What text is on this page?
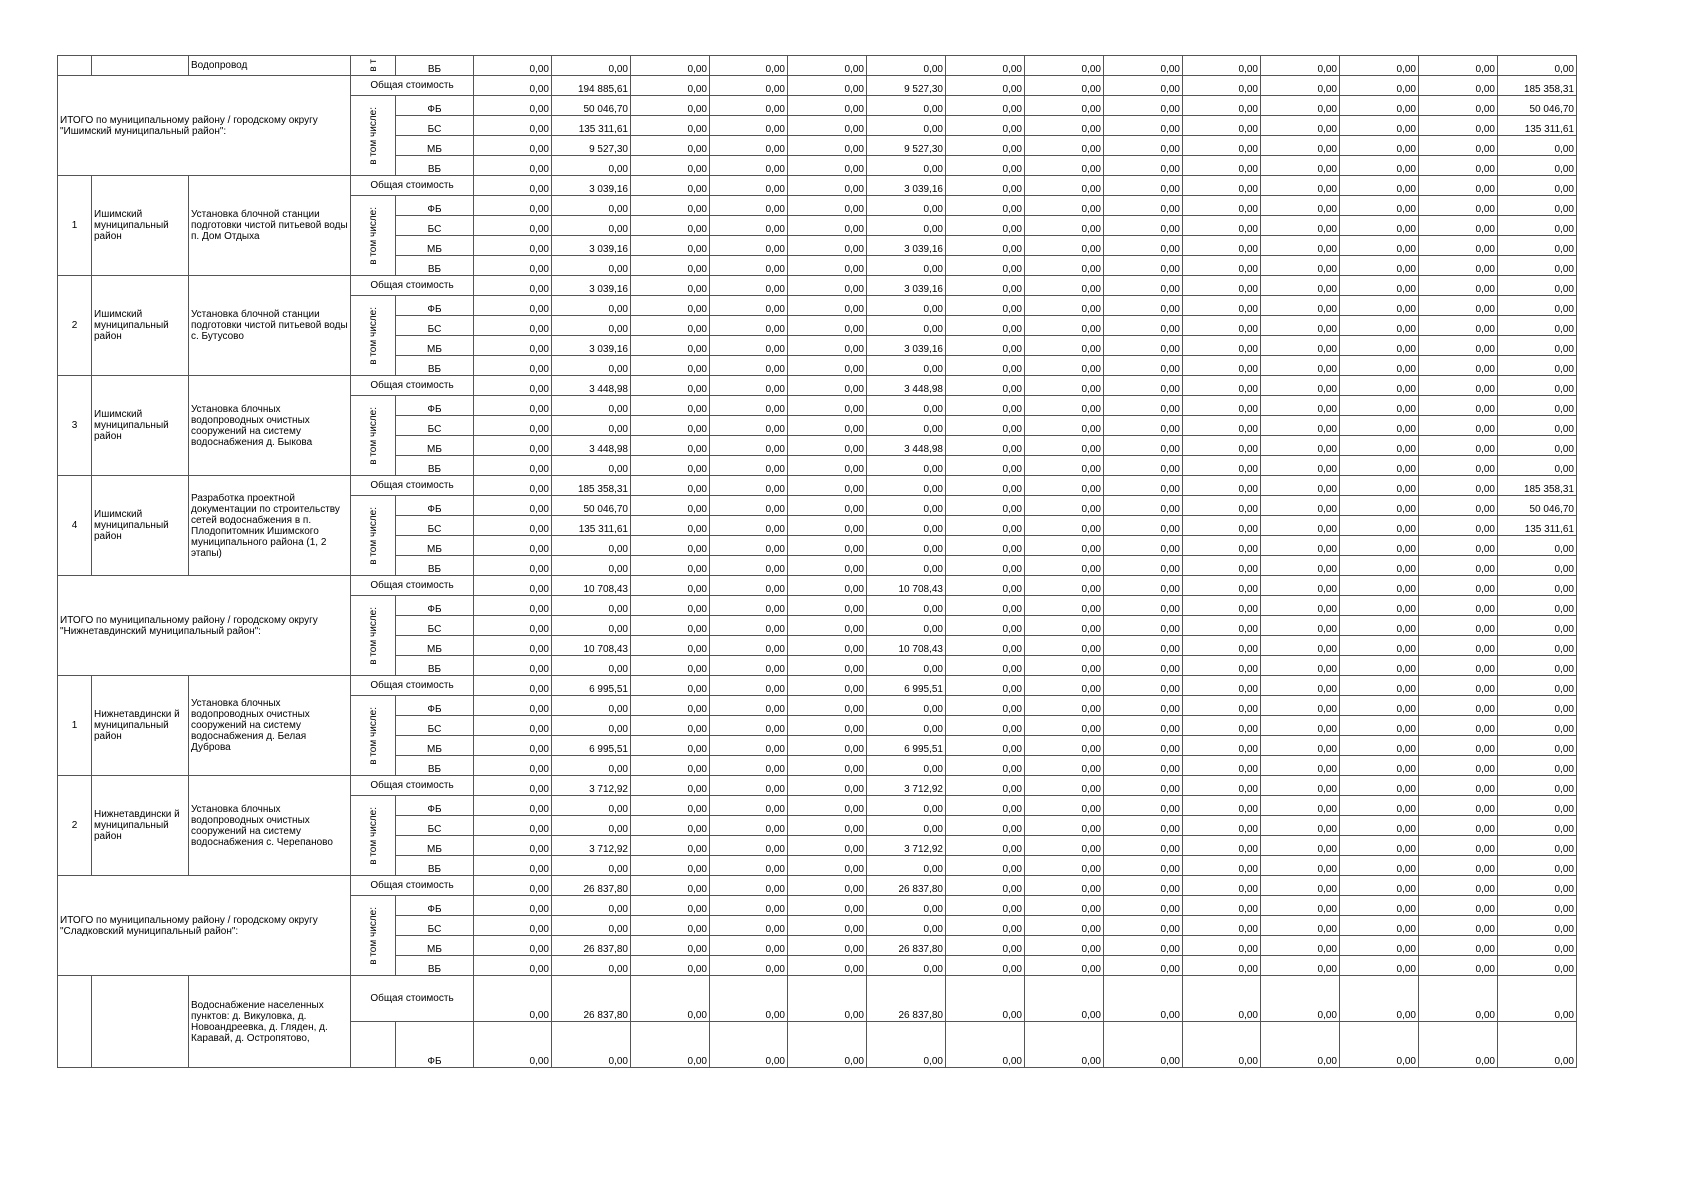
		Водопровод	в т	ВБ	0,00	0,00	0,00	0,00	0,00	0,00	0,00	0,00	0,00	0,00	0,00	0,00	0,00	0,00
ИТОГО по муниципальному району / городскому округу "Ишимский муниципальный район":			Общая стоимость		0,00	194 885,61	0,00	0,00	0,00	9 527,30	0,00	0,00	0,00	0,00	0,00	0,00	0,00	185 358,31

			в том числе:	ФБ	0,00	50 046,70	0,00	0,00	0,00	0,00	0,00	0,00	0,00	0,00	0,00	0,00	0,00	50 046,70
				БС	0,00	135 311,61	0,00	0,00	0,00	0,00	0,00	0,00	0,00	0,00	0,00	0,00	0,00	135 311,61
				МБ	0,00	9 527,30	0,00	0,00	0,00	9 527,30	0,00	0,00	0,00	0,00	0,00	0,00	0,00	0,00
				ВБ	0,00	0,00	0,00	0,00	0,00	0,00	0,00	0,00	0,00	0,00	0,00	0,00	0,00	0,00
1	Ишимский муниципальный район	Установка блочной станции подготовки чистой питьевой воды п. Дом Отдыха	Общая стоимость		0,00	3 039,16	0,00	0,00	0,00	3 039,16	0,00	0,00	0,00	0,00	0,00	0,00	0,00	0,00

			в том числе:	ФБ	0,00	0,00	0,00	0,00	0,00	0,00	0,00	0,00	0,00	0,00	0,00	0,00	0,00	0,00
				БС	0,00	0,00	0,00	0,00	0,00	0,00	0,00	0,00	0,00	0,00	0,00	0,00	0,00	0,00
				МБ	0,00	3 039,16	0,00	0,00	0,00	3 039,16	0,00	0,00	0,00	0,00	0,00	0,00	0,00	0,00
				ВБ	0,00	0,00	0,00	0,00	0,00	0,00	0,00	0,00	0,00	0,00	0,00	0,00	0,00	0,00
2	Ишимский муниципальный район	Установка блочной станции подготовки чистой питьевой воды с. Бутусово	Общая стоимость		0,00	3 039,16	0,00	0,00	0,00	3 039,16	0,00	0,00	0,00	0,00	0,00	0,00	0,00	0,00

			в том числе:	ФБ	0,00	0,00	0,00	0,00	0,00	0,00	0,00	0,00	0,00	0,00	0,00	0,00	0,00	0,00
				БС	0,00	0,00	0,00	0,00	0,00	0,00	0,00	0,00	0,00	0,00	0,00	0,00	0,00	0,00
				МБ	0,00	3 039,16	0,00	0,00	0,00	3 039,16	0,00	0,00	0,00	0,00	0,00	0,00	0,00	0,00
				ВБ	0,00	0,00	0,00	0,00	0,00	0,00	0,00	0,00	0,00	0,00	0,00	0,00	0,00	0,00
3	Ишимский муниципальный район	Установка блочных водопроводных очистных сооружений на систему водоснабжения д. Быкова	Общая стоимость		0,00	3 448,98	0,00	0,00	0,00	3 448,98	0,00	0,00	0,00	0,00	0,00	0,00	0,00	0,00

			в том числе:	ФБ	0,00	0,00	0,00	0,00	0,00	0,00	0,00	0,00	0,00	0,00	0,00	0,00	0,00	0,00
				БС	0,00	0,00	0,00	0,00	0,00	0,00	0,00	0,00	0,00	0,00	0,00	0,00	0,00	0,00
				МБ	0,00	3 448,98	0,00	0,00	0,00	3 448,98	0,00	0,00	0,00	0,00	0,00	0,00	0,00	0,00
				ВБ	0,00	0,00	0,00	0,00	0,00	0,00	0,00	0,00	0,00	0,00	0,00	0,00	0,00	0,00
4	Ишимский муниципальный район	Разработка проектной документации по строительству сетей водоснабжения в п. Плодопитомник Ишимского муниципального района (1, 2 этапы)	Общая стоимость		0,00	185 358,31	0,00	0,00	0,00	0,00	0,00	0,00	0,00	0,00	0,00	0,00	0,00	185 358,31

			в том числе:	ФБ	0,00	50 046,70	0,00	0,00	0,00	0,00	0,00	0,00	0,00	0,00	0,00	0,00	0,00	50 046,70
				БС	0,00	135 311,61	0,00	0,00	0,00	0,00	0,00	0,00	0,00	0,00	0,00	0,00	0,00	135 311,61
				МБ	0,00	0,00	0,00	0,00	0,00	0,00	0,00	0,00	0,00	0,00	0,00	0,00	0,00	0,00
				ВБ	0,00	0,00	0,00	0,00	0,00	0,00	0,00	0,00	0,00	0,00	0,00	0,00	0,00	0,00
ИТОГО по муниципальному району / городскому округу "Нижнетавдинский муниципальный район":			Общая стоимость		0,00	10 708,43	0,00	0,00	0,00	10 708,43	0,00	0,00	0,00	0,00	0,00	0,00	0,00	0,00

			в том числе:	ФБ	0,00	0,00	0,00	0,00	0,00	0,00	0,00	0,00	0,00	0,00	0,00	0,00	0,00	0,00
				БС	0,00	0,00	0,00	0,00	0,00	0,00	0,00	0,00	0,00	0,00	0,00	0,00	0,00	0,00
				МБ	0,00	10 708,43	0,00	0,00	0,00	10 708,43	0,00	0,00	0,00	0,00	0,00	0,00	0,00	0,00
				ВБ	0,00	0,00	0,00	0,00	0,00	0,00	0,00	0,00	0,00	0,00	0,00	0,00	0,00	0,00
1	Нижнетавдински й муниципальный район	Установка блочных водопроводных очистных сооружений на систему водоснабжения д. Белая Дуброва	Общая стоимость		0,00	6 995,51	0,00	0,00	0,00	6 995,51	0,00	0,00	0,00	0,00	0,00	0,00	0,00	0,00

			в том числе:	ФБ	0,00	0,00	0,00	0,00	0,00	0,00	0,00	0,00	0,00	0,00	0,00	0,00	0,00	0,00
				БС	0,00	0,00	0,00	0,00	0,00	0,00	0,00	0,00	0,00	0,00	0,00	0,00	0,00	0,00
				МБ	0,00	6 995,51	0,00	0,00	0,00	6 995,51	0,00	0,00	0,00	0,00	0,00	0,00	0,00	0,00
				ВБ	0,00	0,00	0,00	0,00	0,00	0,00	0,00	0,00	0,00	0,00	0,00	0,00	0,00	0,00
2	Нижнетавдински й муниципальный район	Установка блочных водопроводных очистных сооружений на систему водоснабжения с. Черепаново	Общая стоимость		0,00	3 712,92	0,00	0,00	0,00	3 712,92	0,00	0,00	0,00	0,00	0,00	0,00	0,00	0,00

			в том числе:	ФБ	0,00	0,00	0,00	0,00	0,00	0,00	0,00	0,00	0,00	0,00	0,00	0,00	0,00	0,00
				БС	0,00	0,00	0,00	0,00	0,00	0,00	0,00	0,00	0,00	0,00	0,00	0,00	0,00	0,00
				МБ	0,00	3 712,92	0,00	0,00	0,00	3 712,92	0,00	0,00	0,00	0,00	0,00	0,00	0,00	0,00
				ВБ	0,00	0,00	0,00	0,00	0,00	0,00	0,00	0,00	0,00	0,00	0,00	0,00	0,00	0,00
ИТОГО по муниципальному району / городскому округу "Сладковский муниципальный район":			Общая стоимость		0,00	26 837,80	0,00	0,00	0,00	26 837,80	0,00	0,00	0,00	0,00	0,00	0,00	0,00	0,00

			в том числе:	ФБ	0,00	0,00	0,00	0,00	0,00	0,00	0,00	0,00	0,00	0,00	0,00	0,00	0,00	0,00
				БС	0,00	0,00	0,00	0,00	0,00	0,00	0,00	0,00	0,00	0,00	0,00	0,00	0,00	0,00
				МБ	0,00	26 837,80	0,00	0,00	0,00	26 837,80	0,00	0,00	0,00	0,00	0,00	0,00	0,00	0,00
				ВБ	0,00	0,00	0,00	0,00	0,00	0,00	0,00	0,00	0,00	0,00	0,00	0,00	0,00	0,00
		Водоснабжение населенных пунктов: д. Викуловка, д. Новоандреевка, д. Гляден, д. Каравай, д. Остропятово,	Общая стоимость		0,00	26 837,80	0,00	0,00	0,00	26 837,80	0,00	0,00	0,00	0,00	0,00	0,00	0,00	0,00
				ФБ	0,00	0,00	0,00	0,00	0,00	0,00	0,00	0,00	0,00	0,00	0,00	0,00	0,00	0,00
